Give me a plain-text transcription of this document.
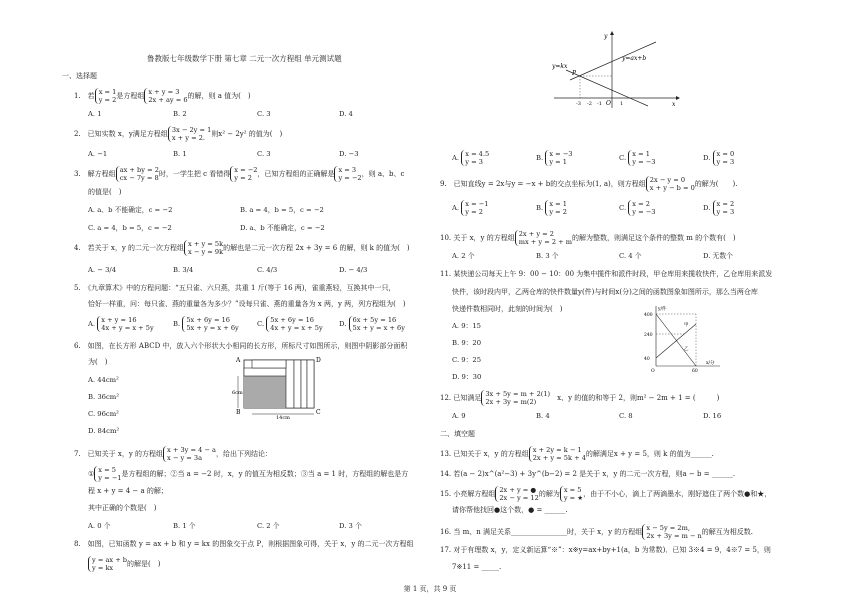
鲁教版七年级数学下册 第七章 二元一次方程组 单元测试题
一、选择题
1.　若 x = 1
y = 2 是方程组 x + y = 3
2x + ay = 6 的解，则 a 值为(　)
A. 1	B. 2	C. 3	D. 4
2.　已知实数 x，y满足方程组 3x − 2y = 1
x + y = 2. 则x² − 2y² 的值为(　)
A. −1	B. 1	C. 3	D. −3
3.　解方程组 ax + by = 2
cx − 7y = 8 时，一学生把 c 看错得 x = −2
y = 2 ，已知方程组的正确解是 x = 3
y = −2 ，则 a、b、c
的值是(　)
A. a、b 不能确定，c = −2	B. a = 4，b = 5，c = −2
C. a = 4，b = 5，c = −2	D. a、b 不能确定，c = −2
4.　若关于 x，y 的二元一次方程组 x + y = 5k
x − y = 9k 的解也是二元一次方程 2x + 3y = 6 的解，则 k 的值为(　)
A. − 3/4	B. 3/4	C. 4/3	D. − 4/3
5.　《九章算术》中的方程问题：“五只雀、六只燕，共重 1 斤(等于 16 两)，雀重燕轻，互换其中一只，
恰好一样重，问：每只雀、燕的重量各为多少？”设每只雀、燕的重量各为 x 两，y 两，列方程组为(　)
A. x + y = 16
4x + y = x + 5y	B. 5x + 6y = 16
5x + y = x + 6y	C. 5x + 6y = 16
4x + y = x + 5y D. 6x + 5y = 16
5x + y = x + 6y
6.　如图，在长方形 ABCD 中，放入六个形状大小相同的长方形，所标尺寸如图所示，则图中阴影部分面积
为(　)
A. 44cm²
B. 36cm²
C. 96cm²
D. 84cm²
A	D
B	C
6cm
14cm
7.　已知关于 x，y 的方程组 x + 3y = 4 − a
x − y = 3a	，给出下列结论：
① x = 5
y = −1 是方程组的解；②当 a = −2 时，x，y 的值互为相反数；③当 a = 1 时，方程组的解也是方
程 x + y = 4 − a 的解；
其中正确的个数是(　)
A. 0 个	B. 1 个	C. 2 个	D. 3 个
8.　如图，已知函数 y = ax + b 和 y = kx 的图象交于点 P，则根据图象可得，关于 x，y 的二元一次方程组
y = ax + b
y = kx	的解是(　)
y=kx
y=ax+b
P
O	x
y
-3 -2 -1	1
A. x = 4.5
y = 3	B. x = −3
y = 1	C. x = 1
y = −3	D. x = 0
y = 3
9.　已知直线y = 2x与y = −x + b的交点坐标为(1, a)，则方程组 2x − y = 0
x + y − b = 0 的解为(　　).
A. x = −1
y = 2	B. x = 1
y = 2	C. x = 2
y = −3	D. x = 2
y = 3
10. 关于 x，y 的方程组 2x + y = 2
mx + y = 2 + m 的解为整数，则满足这个条件的整数 m 的个数有(　)
A. 2 个	B. 3 个	C. 4 个	D. 无数个
11. 某快递公司每天上午 9：00 − 10：00 为集中揽件和派件时段，甲仓库用来揽收快件，乙仓库用来派发
快件，该时段内甲，乙两仓库的快件数量y(件)与时间x(分)之间的函数图象如图所示，那么当两仓库
快递件数相同时，此刻的时间为(　)
A. 9：15
B. 9：20
C. 9：25
D. 9：30
400
240
40
60
O
甲
乙
x/分
y/件
12. 已知满足 3x + 5y = m + 2(1)
2x + 3y = m(2)
　	x、y 的值的和等于 2，则m² − 2m + 1 = (　　　)
A. 9	B. 4	C. 8	D. 16
二、填空题
13. 已知关于 x，y 的方程组 x + 2y = k − 1
2x + y = 5k + 4 的解满足x + y = 5，则 k 的值为______.
14. 若(a − 2)x^(a²−3) + 3y^(b−2) = 2 是关于 x，y 的二元一次方程，则a − b = ______.
15. 小亮解方程组 2x + y = ●
2x − y = 12 的解为 x = 5
y = ★ ，由于不小心，滴上了两滴墨水，刚好遮住了两个数●和★，
请你帮他找回●这个数，● = ______.
16. 当 m、n 满足关系________________时，关于 x，y 的方程组 x − 5y = 2m,
2x + 3y = m − n 的解互为相反数.
17. 对于有理数 x，y，定义新运算“※”：x※y=ax+by+1(a，b 为常数)．已知 3※4 = 9，4※7 = 5，则
7※11 = _____.
第 1 页，共 9 页
